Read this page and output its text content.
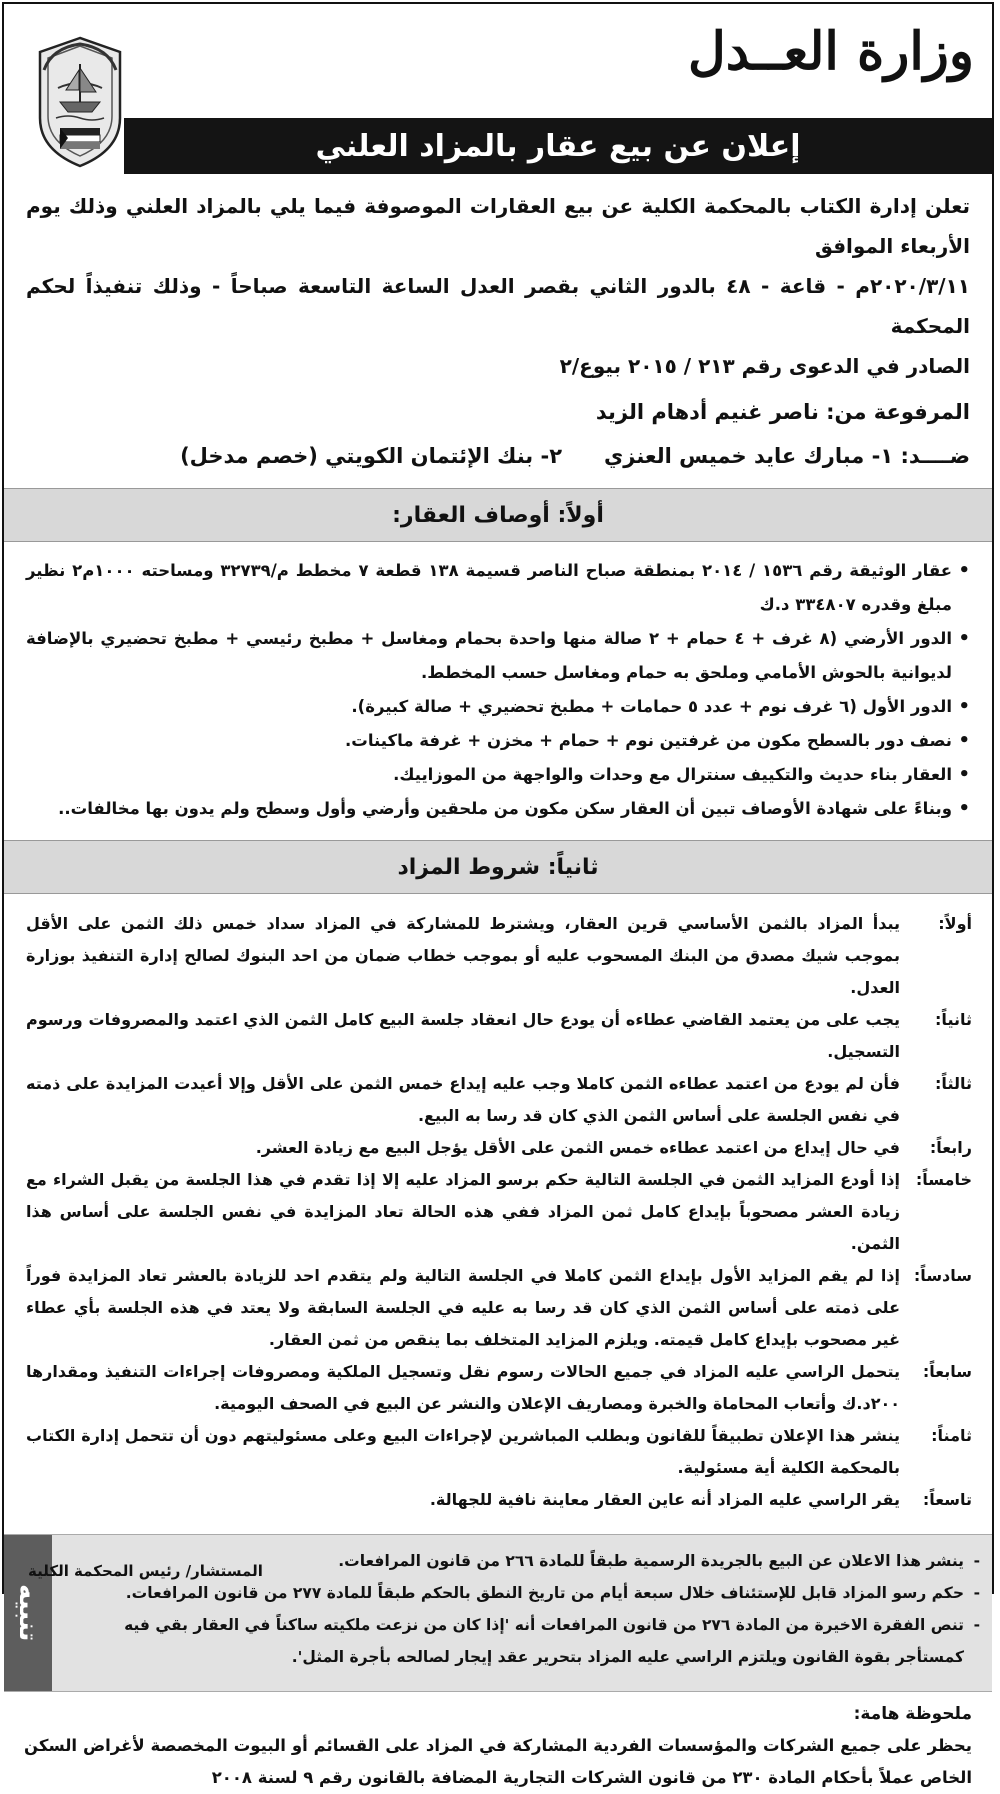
وزارة العــدل
إعلان عن بيع عقار بالمزاد العلني
تعلن إدارة الكتاب بالمحكمة الكلية عن بيع العقارات الموصوفة فيما يلي بالمزاد العلني وذلك يوم الأربعاء الموافق
٢٠٢٠/٣/١١م - قاعة - ٤٨ بالدور الثاني بقصر العدل الساعة التاسعة صباحاً - وذلك تنفيذاً لحكم المحكمة
الصادر في الدعوى رقم ٢١٣ / ٢٠١٥ بيوع/٢
المرفوعة من: ناصر غنيم أدهام الزيد
ضــــد: ١- مبارك عايد خميس العنزي٢- بنك الإئتمان الكويتي (خصم مدخل)
أولاً: أوصاف العقار:
• عقار الوثيقة رقم ١٥٣٦ / ٢٠١٤ بمنطقة صباح الناصر قسيمة ١٣٨ قطعة ٧ مخطط م/٣٢٧٣٩ ومساحته ١٠٠٠م٢ نظير مبلغ وقدره ٣٣٤٨٠٧ د.ك
• الدور الأرضي (٨ غرف + ٤ حمام + ٢ صالة منها واحدة بحمام ومغاسل + مطبخ رئيسي + مطبخ تحضيري بالإضافة لديوانية بالحوش الأمامي وملحق به حمام ومغاسل حسب المخطط.
• الدور الأول (٦ غرف نوم + عدد ٥ حمامات + مطبخ تحضيري + صالة كبيرة).
• نصف دور بالسطح مكون من غرفتين نوم + حمام + مخزن + غرفة ماكينات.
• العقار بناء حديث والتكييف سنترال مع وحدات والواجهة من الموزاييك.
• وبناءً على شهادة الأوصاف تبين أن العقار سكن مكون من ملحقين وأرضي وأول وسطح ولم يدون بها مخالفات..
ثانياً: شروط المزاد
أولاً:
يبدأ المزاد بالثمن الأساسي قرين العقار، ويشترط للمشاركة في المزاد سداد خمس ذلك الثمن على الأقل بموجب شيك مصدق من البنك المسحوب عليه أو بموجب خطاب ضمان من احد البنوك لصالح إدارة التنفيذ بوزارة العدل.
ثانياً:
يجب على من يعتمد القاضي عطاءه أن يودع حال انعقاد جلسة البيع كامل الثمن الذي اعتمد والمصروفات ورسوم التسجيل.
ثالثاً:
فأن لم يودع من اعتمد عطاءه الثمن كاملا وجب عليه إيداع خمس الثمن على الأقل وإلا أعيدت المزايدة على ذمته في نفس الجلسة على أساس الثمن الذي كان قد رسا به البيع.
رابعاً:
في حال إيداع من اعتمد عطاءه خمس الثمن على الأقل يؤجل البيع مع زيادة العشر.
خامساً:
إذا أودع المزايد الثمن في الجلسة التالية حكم برسو المزاد عليه إلا إذا تقدم في هذا الجلسة من يقبل الشراء مع زيادة العشر مصحوباً بإيداع كامل ثمن المزاد ففي هذه الحالة تعاد المزايدة في نفس الجلسة على أساس هذا الثمن.
سادساً:
إذا لم يقم المزايد الأول بإيداع الثمن كاملا في الجلسة التالية ولم يتقدم احد للزيادة بالعشر تعاد المزايدة فوراً على ذمته على أساس الثمن الذي كان قد رسا به عليه في الجلسة السابقة ولا يعتد في هذه الجلسة بأي عطاء غير مصحوب بإيداع كامل قيمته. ويلزم المزايد المتخلف بما ينقص من ثمن العقار.
سابعاً:
يتحمل الراسي عليه المزاد في جميع الحالات رسوم نقل وتسجيل الملكية ومصروفات إجراءات التنفيذ ومقدارها ٢٠٠د.ك وأتعاب المحاماة والخبرة ومصاريف الإعلان والنشر عن البيع في الصحف اليومية.
ثامناً:
ينشر هذا الإعلان تطبيقاً للقانون وبطلب المباشرين لإجراءات البيع وعلى مسئوليتهم دون أن تتحمل إدارة الكتاب بالمحكمة الكلية أية مسئولية.
تاسعاً:
يقر الراسي عليه المزاد أنه عاين العقار معاينة نافية للجهالة.
- ينشر هذا الاعلان عن البيع بالجريدة الرسمية طبقاً للمادة ٢٦٦ من قانون المرافعات.
- حكم رسو المزاد قابل للإستئناف خلال سبعة أيام من تاريخ النطق بالحكم طبقاً للمادة ٢٧٧ من قانون المرافعات.
- تنص الفقرة الاخيرة من المادة ٢٧٦ من قانون المرافعات أنه 'إذا كان من نزعت ملكيته ساكناً في العقار بقي فيه كمستأجر بقوة القانون ويلتزم الراسي عليه المزاد بتحرير عقد إيجار لصالحه بأجرة المثل'.
تنبيه
ملحوظة هامة:
يحظر على جميع الشركات والمؤسسات الفردية المشاركة في المزاد على القسائم أو البيوت المخصصة لأغراض السكن الخاص عملاً بأحكام المادة ٢٣٠ من قانون الشركات التجارية المضافة بالقانون رقم ٩ لسنة ٢٠٠٨
المستشار/ رئيس المحكمة الكلية
